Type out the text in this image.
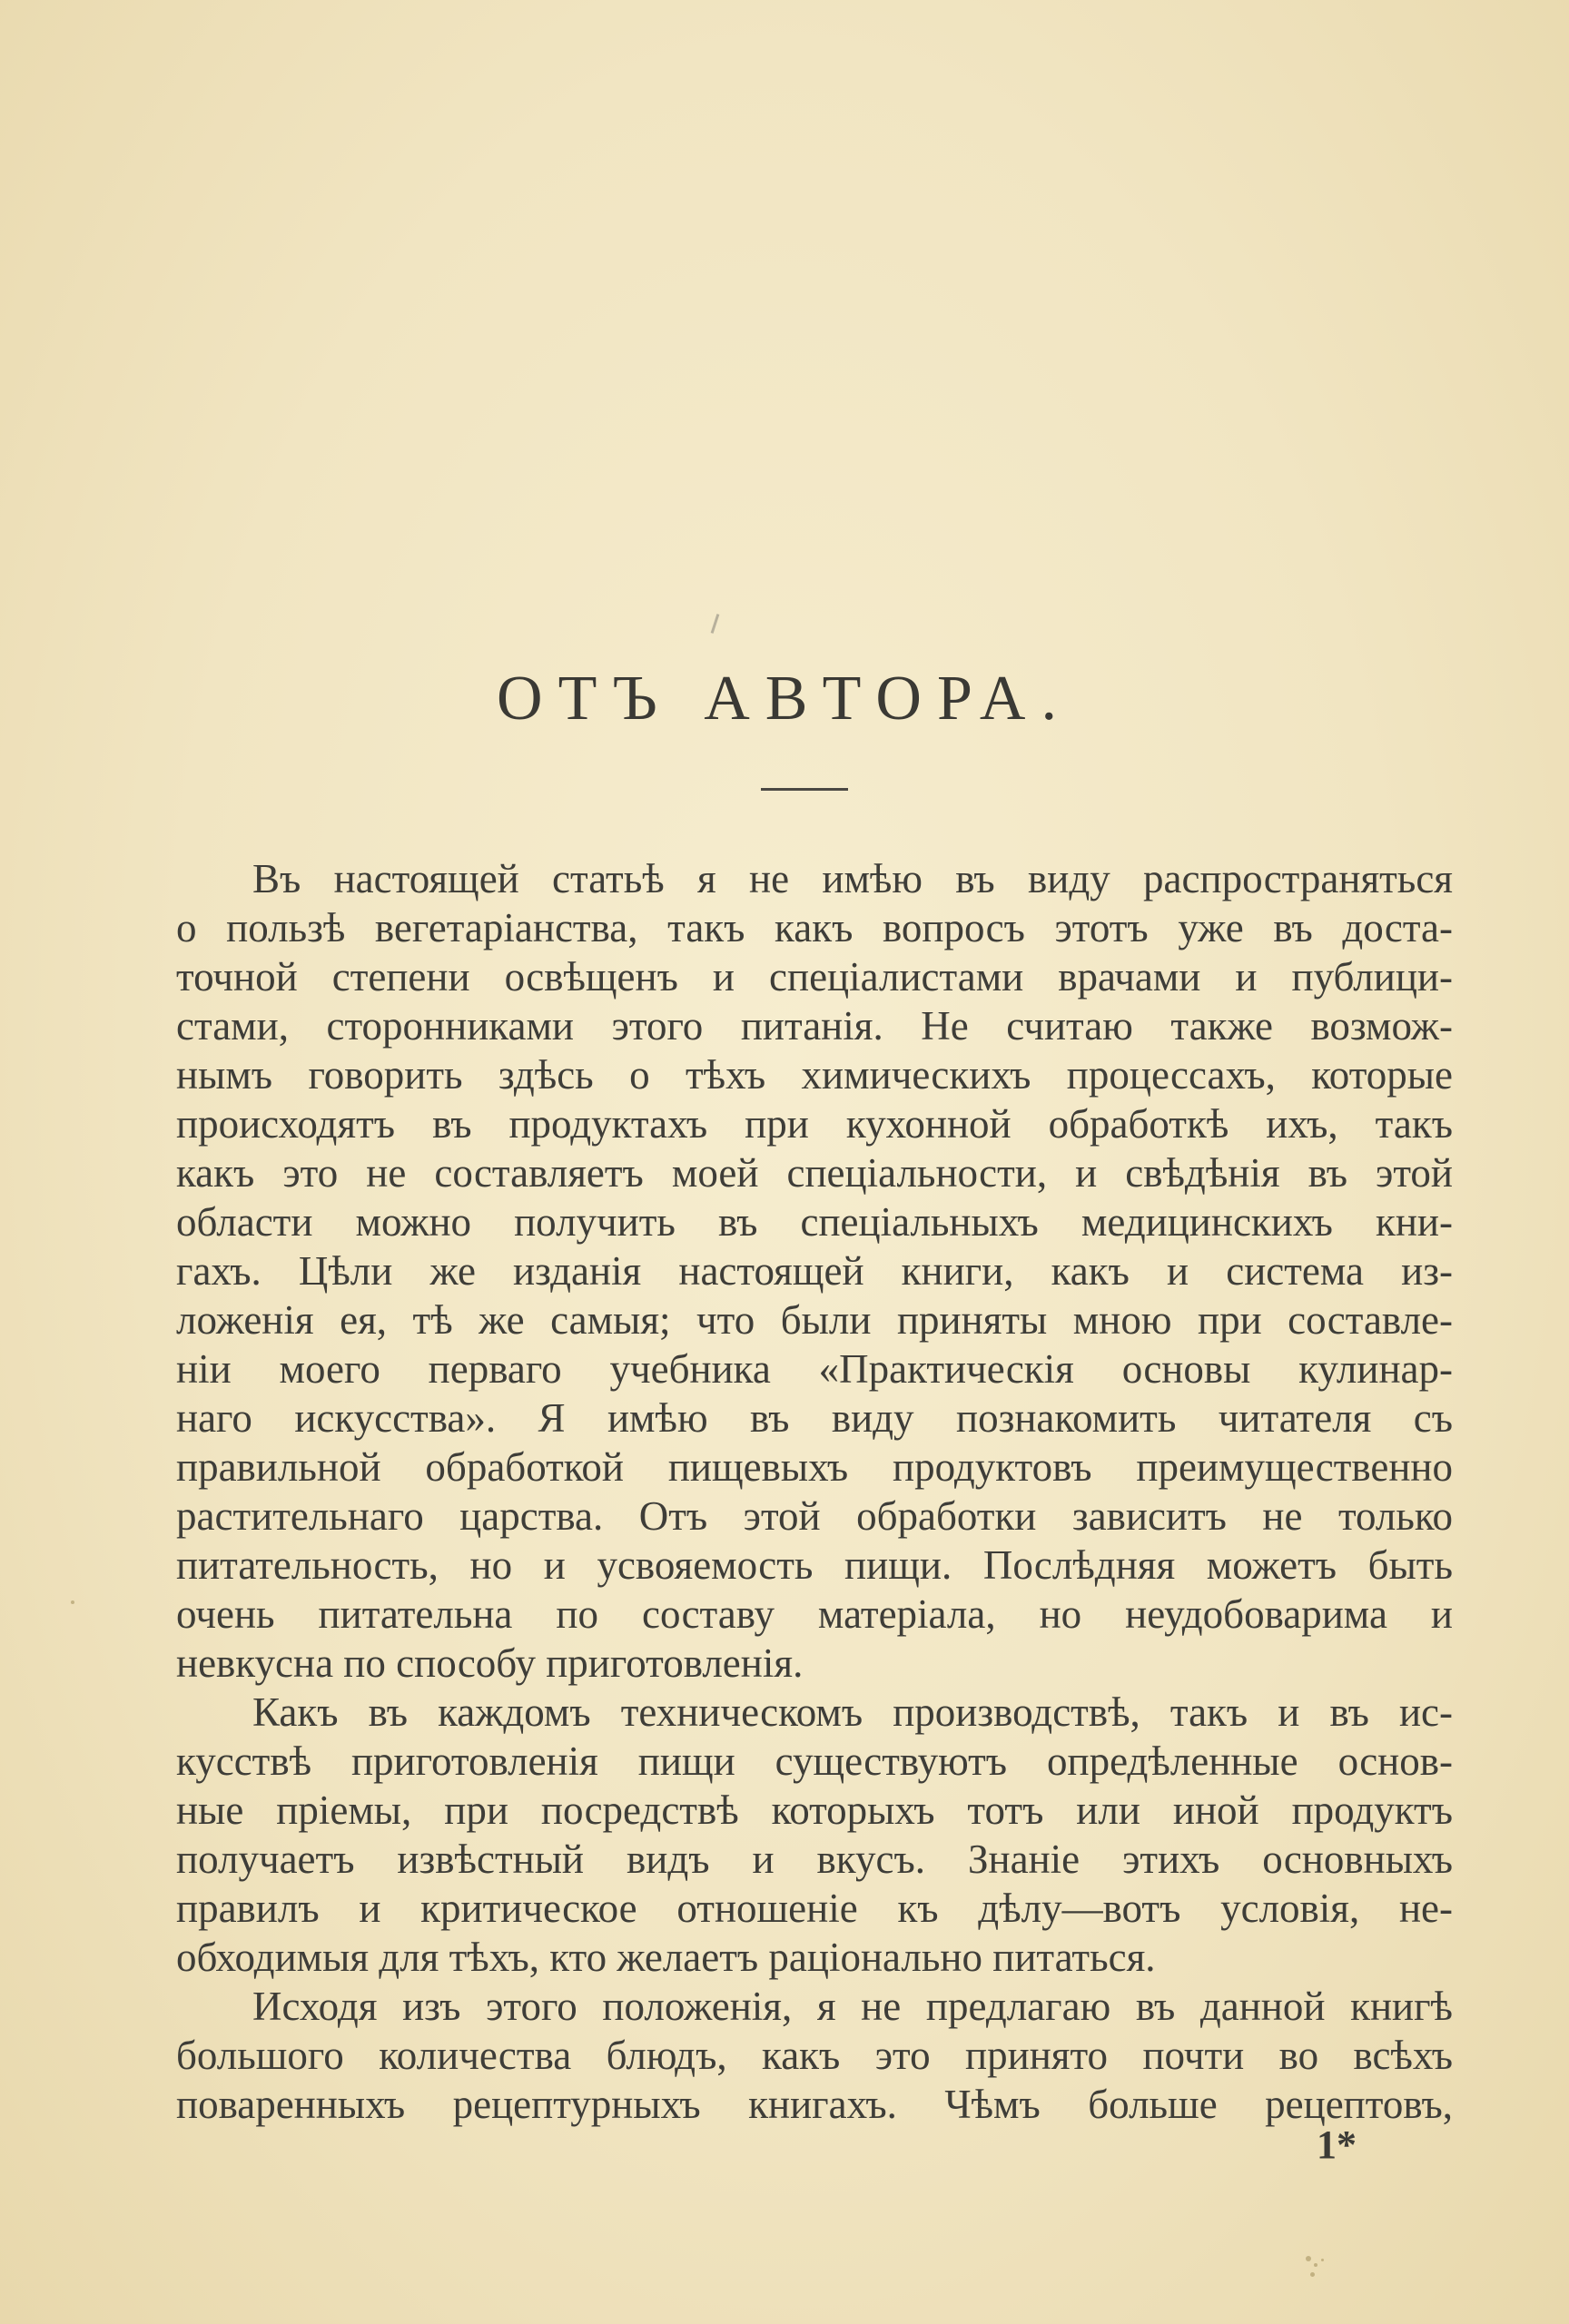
ОТЪ АВТОРА.
Въ настоящей статьѣ я не имѣю въ виду распространяться
о пользѣ вегетаріанства, такъ какъ вопросъ этотъ уже въ доста-
точной степени освѣщенъ и спеціалистами врачами и публици-
стами, сторонниками этого питанія. Не считаю также возмож-
нымъ говорить здѣсь о тѣхъ химическихъ процессахъ, которые
происходятъ въ продуктахъ при кухонной обработкѣ ихъ, такъ
какъ это не составляетъ моей спеціальности, и свѣдѣнія въ этой
области можно получить въ спеціальныхъ медицинскихъ кни-
гахъ. Цѣли же изданія настоящей книги, какъ и система из-
ложенія ея, тѣ же самыя; что были приняты мною при составле-
ніи моего перваго учебника «Практическія основы кулинар-
наго искусства». Я имѣю въ виду познакомить читателя съ
правильной обработкой пищевыхъ продуктовъ преимущественно
растительнаго царства. Отъ этой обработки зависитъ не только
питательность, но и усвояемость пищи. Послѣдняя можетъ быть
очень питательна по составу матеріала, но неудобоварима и
невкусна по способу приготовленія.
Какъ въ каждомъ техническомъ производствѣ, такъ и въ ис-
кусствѣ приготовленія пищи существуютъ опредѣленные основ-
ные пріемы, при посредствѣ которыхъ тотъ или иной продуктъ
получаетъ извѣстный видъ и вкусъ. Знаніе этихъ основныхъ
правилъ и критическое отношеніе къ дѣлу—вотъ условія, не-
обходимыя для тѣхъ, кто желаетъ раціонально питаться.
Исходя изъ этого положенія, я не предлагаю въ данной книгѣ
большого количества блюдъ, какъ это принято почти во всѣхъ
поваренныхъ рецептурныхъ книгахъ. Чѣмъ больше рецептовъ,
1*
